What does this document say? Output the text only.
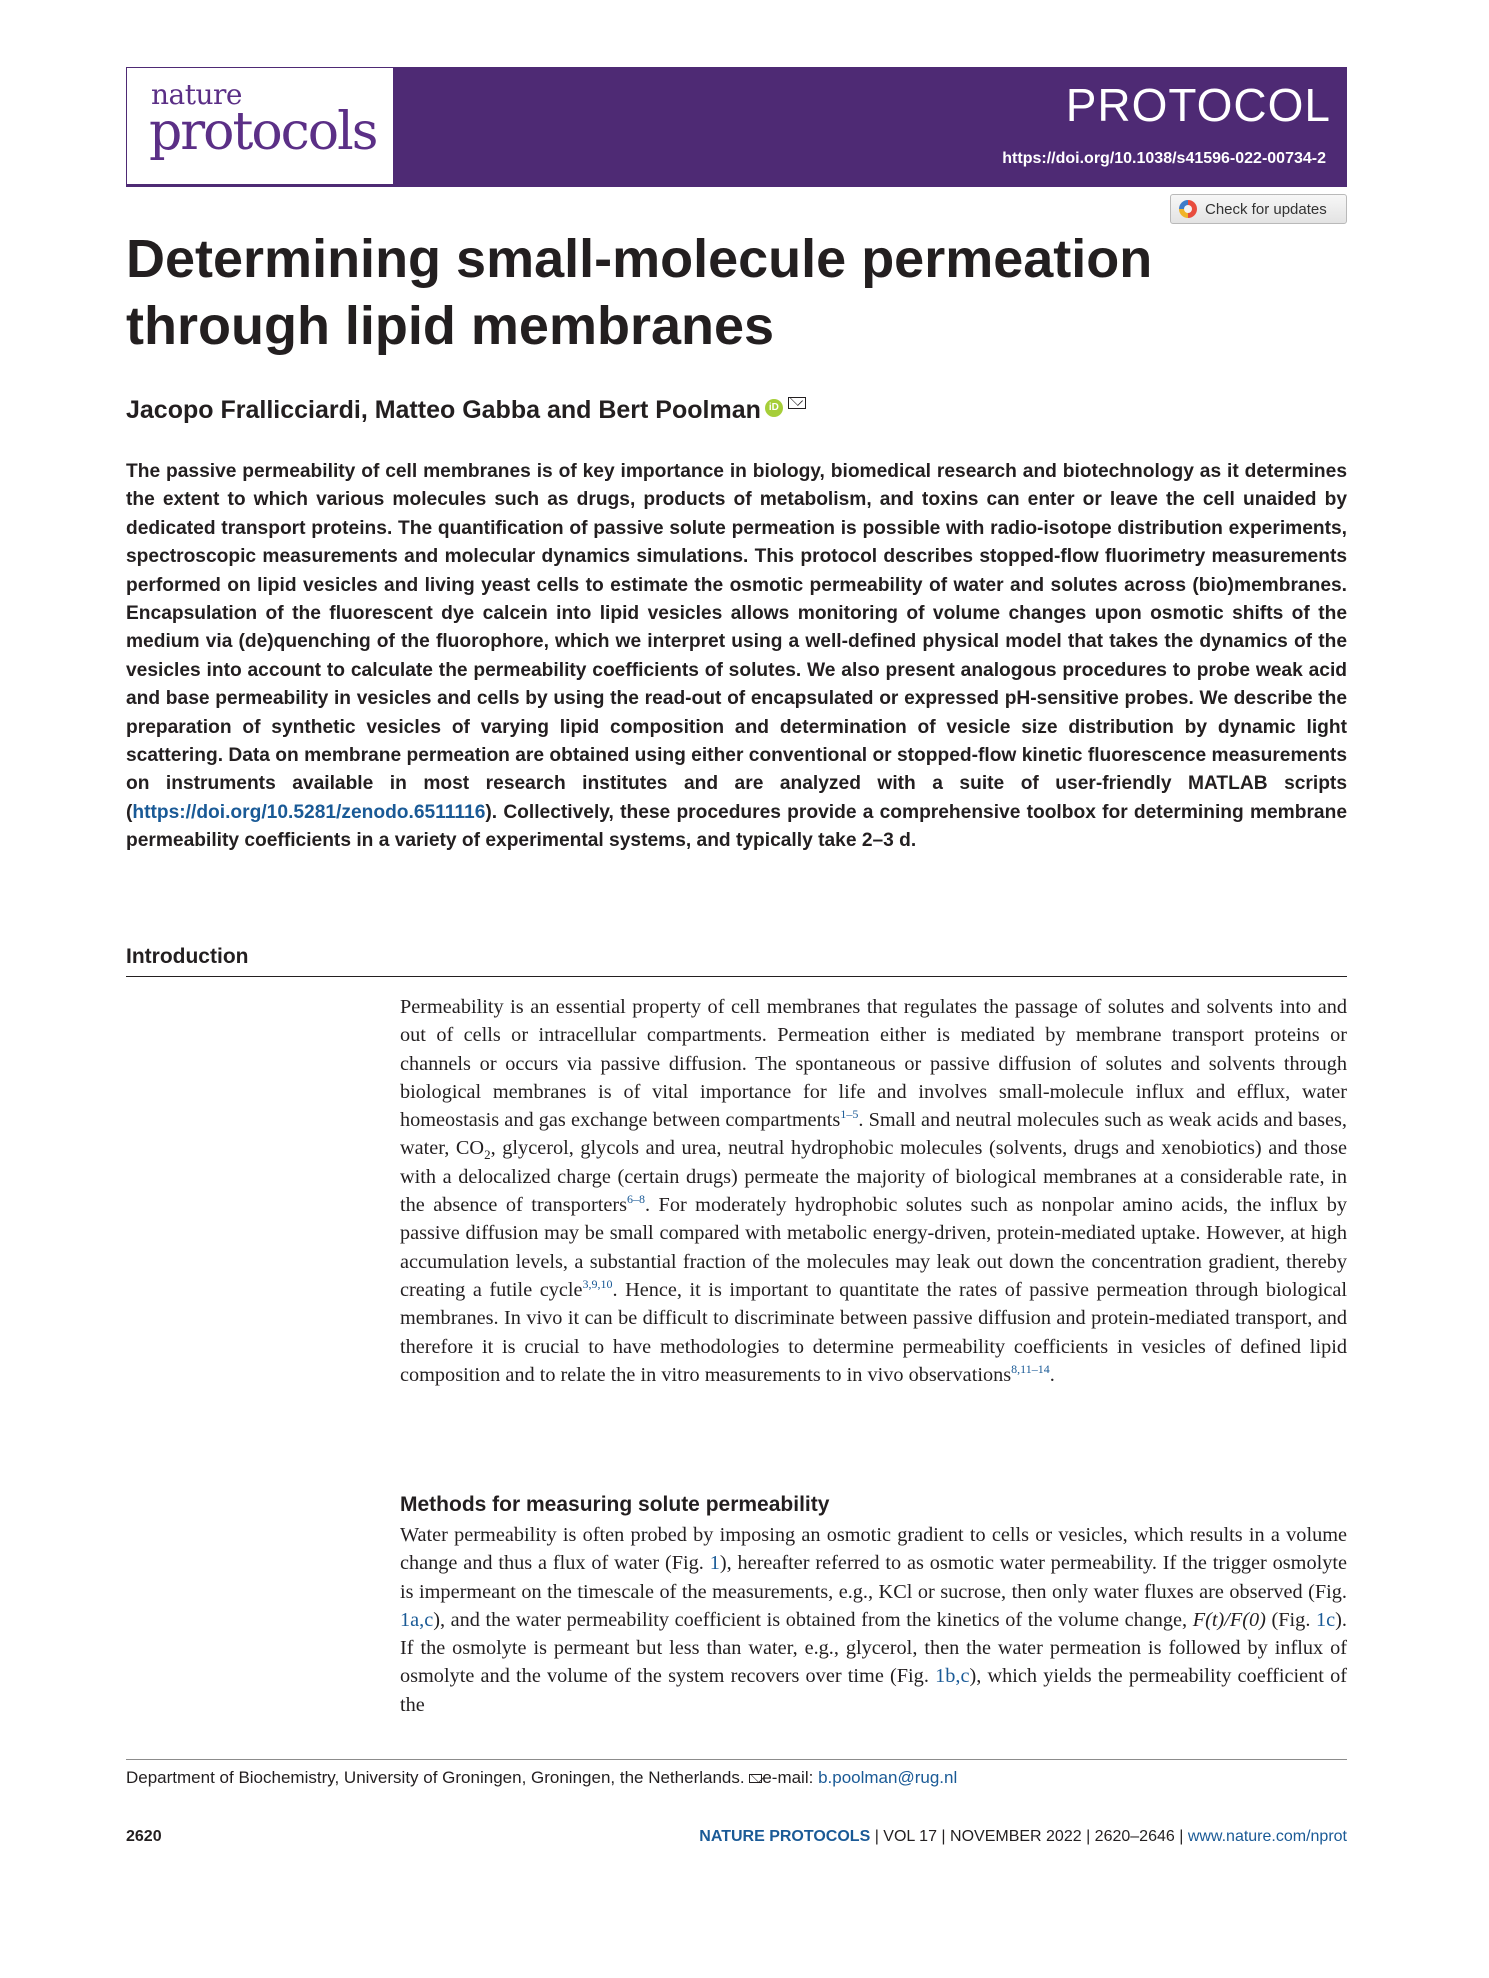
nature
protocols	PROTOCOL
https://doi.org/10.1038/s41596-022-00734-2
Check for updates
Determining small-molecule permeation through lipid membranes
Jacopo Frallicciardi, Matteo Gabba and Bert Poolman iD
The passive permeability of cell membranes is of key importance in biology, biomedical research and biotechnology as it determines the extent to which various molecules such as drugs, products of metabolism, and toxins can enter or leave the cell unaided by dedicated transport proteins. The quantification of passive solute permeation is possible with radio-isotope distribution experiments, spectroscopic measurements and molecular dynamics simulations. This protocol describes stopped-flow fluorimetry measurements performed on lipid vesicles and living yeast cells to estimate the osmotic permeability of water and solutes across (bio)membranes. Encapsulation of the fluorescent dye calcein into lipid vesicles allows monitoring of volume changes upon osmotic shifts of the medium via (de)quenching of the fluorophore, which we interpret using a well-defined physical model that takes the dynamics of the vesicles into account to calculate the permeability coefficients of solutes. We also present analogous procedures to probe weak acid and base permeability in vesicles and cells by using the read-out of encapsulated or expressed pH-sensitive probes. We describe the preparation of synthetic vesicles of varying lipid composition and determination of vesicle size distribution by dynamic light scattering. Data on membrane permeation are obtained using either conventional or stopped-flow kinetic fluorescence measurements on instruments available in most research institutes and are analyzed with a suite of user-friendly MATLAB scripts (https://doi.org/10.5281/zenodo.6511116). Collectively, these procedures provide a comprehensive toolbox for determining membrane permeability coefficients in a variety of experimental systems, and typically take 2–3 d.
Introduction
Permeability is an essential property of cell membranes that regulates the passage of solutes and solvents into and out of cells or intracellular compartments. Permeation either is mediated by membrane transport proteins or channels or occurs via passive diffusion. The spontaneous or passive diffusion of solutes and solvents through biological membranes is of vital importance for life and involves small-molecule influx and efflux, water homeostasis and gas exchange between compartments$^{1-5}$. Small and neutral molecules such as weak acids and bases, water, $CO_2$, glycerol, glycols and urea, neutral hydrophobic molecules (solvents, drugs and xenobiotics) and those with a delocalized charge (certain drugs) permeate the majority of biological membranes at a considerable rate, in the absence of transporters$^{6-8}$. For moderately hydrophobic solutes such as nonpolar amino acids, the influx by passive diffusion may be small compared with metabolic energy-driven, protein-mediated uptake. However, at high accumulation levels, a substantial fraction of the molecules may leak out down the concentration gradient, thereby creating a futile cycle$^{3,9,10}$. Hence, it is important to quantitate the rates of passive permeation through biological membranes. In vivo it can be difficult to discriminate between passive diffusion and protein-mediated transport, and therefore it is crucial to have methodologies to determine permeability coefficients in vesicles of defined lipid composition and to relate the in vitro measurements to in vivo observations$^{8,11-14}$.
Methods for measuring solute permeability
Water permeability is often probed by imposing an osmotic gradient to cells or vesicles, which results in a volume change and thus a flux of water (Fig. 1), hereafter referred to as osmotic water permeability. If the trigger osmolyte is impermeant on the timescale of the measurements, e.g., KCl or sucrose, then only water fluxes are observed (Fig. 1a,c), and the water permeability coefficient is obtained from the kinetics of the volume change, F(t)/F(0) (Fig. 1c). If the osmolyte is permeant but less than water, e.g., glycerol, then the water permeation is followed by influx of osmolyte and the volume of the system recovers over time (Fig. 1b,c), which yields the permeability coefficient of the
Department of Biochemistry, University of Groningen, Groningen, the Netherlands. e-mail: b.poolman@rug.nl
2620	NATURE PROTOCOLS | VOL 17 | NOVEMBER 2022 | 2620–2646 | www.nature.com/nprot
